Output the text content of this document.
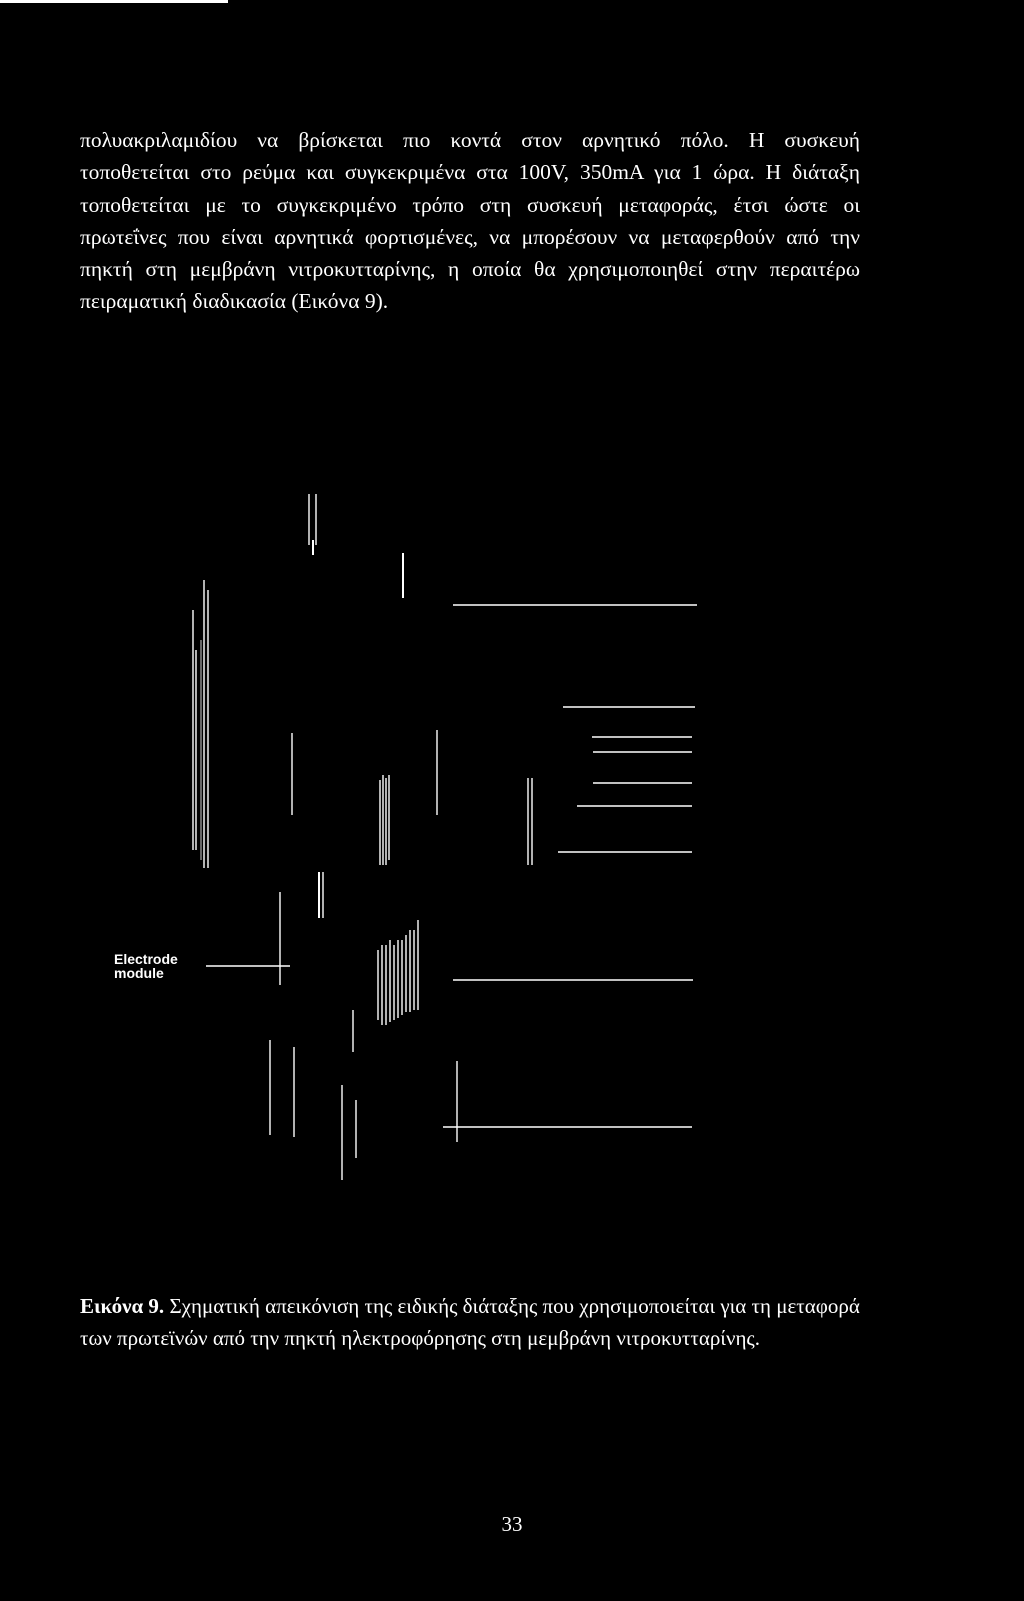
πολυακριλαμιδίου να βρίσκεται πιο κοντά στον αρνητικό πόλο. Η συσκευή
τοποθετείται στο ρεύμα και συγκεκριμένα στα 100V, 350mA για 1 ώρα. Η διάταξη
τοποθετείται με το συγκεκριμένο τρόπο στη συσκευή μεταφοράς, έτσι ώστε οι
πρωτεΐνες που είναι αρνητικά φορτισμένες, να μπορέσουν να μεταφερθούν από την
πηκτή στη μεμβράνη νιτροκυτταρίνης, η οποία θα χρησιμοποιηθεί στην περαιτέρω
πειραματική διαδικασία (Εικόνα 9).
Electrode
module
Εικόνα 9. Σχηματική απεικόνιση της ειδικής διάταξης που χρησιμοποιείται για τη μεταφορά
των πρωτεϊνών από την πηκτή ηλεκτροφόρησης στη μεμβράνη νιτροκυτταρίνης.
33
